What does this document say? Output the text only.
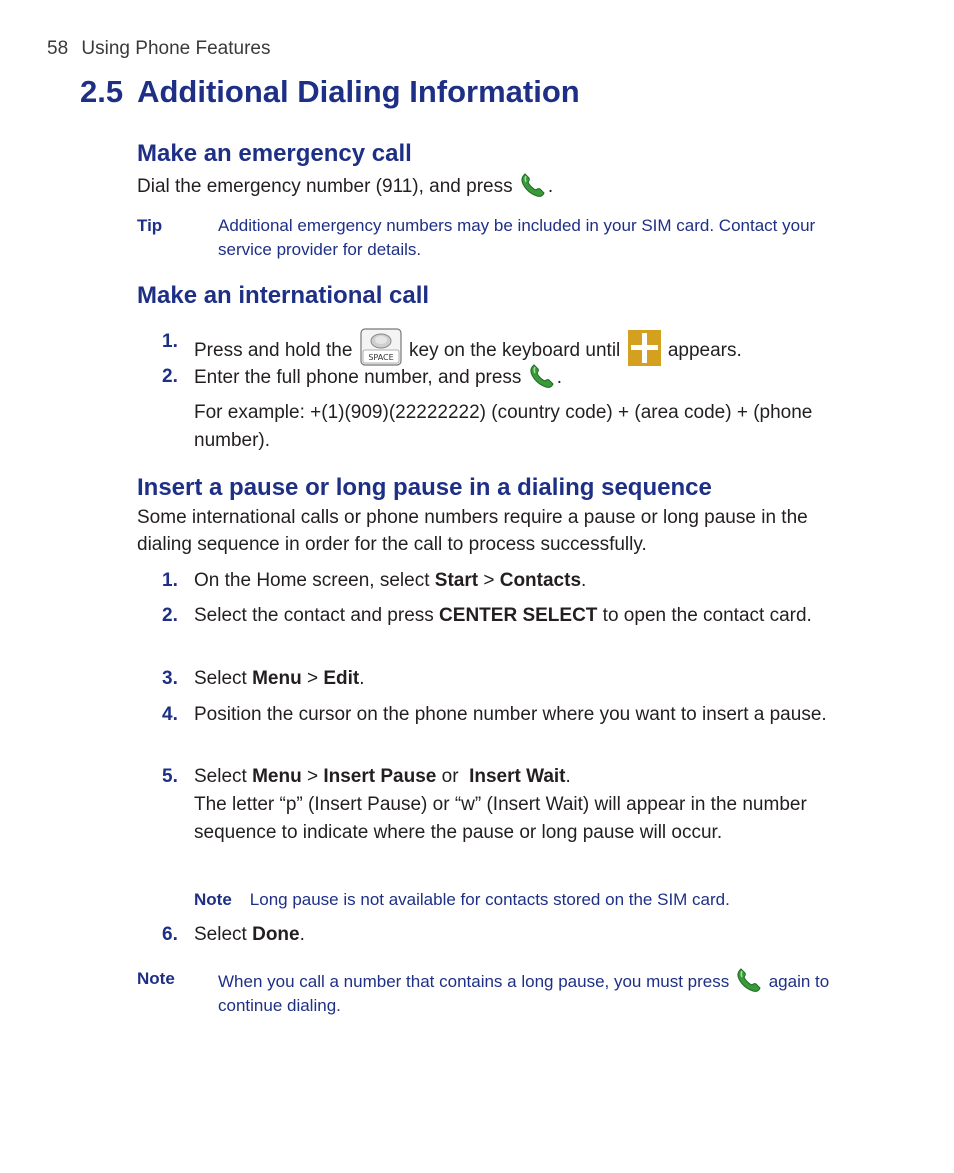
58 Using Phone Features
2.5 Additional Dialing Information
Make an emergency call

Dial the emergency number (911), and press .

Tip	Additional emergency numbers may be included in your SIM card. Contact your service provider for details.
Make an international call
1. Press and hold the SPACE key on the keyboard until	appears.
2. Enter the full phone number, and press .
For example: +(1)(909)(22222222) (country code) + (area code) + (phone number).
Insert a pause or long pause in a dialing sequence

Some international calls or phone numbers require a pause or long pause in the dialing sequence in order for the call to process successfully.

1. On the Home screen, select Start > Contacts.
2. Select the contact and press CENTER SELECT to open the contact card.
3. Select Menu > Edit.
4. Position the cursor on the phone number where you want to insert a pause.
5. Select Menu > Insert Pause or  Insert Wait.
The letter “p” (Insert Pause) or “w” (Insert Wait) will appear in the number sequence to indicate where the pause or long pause will occur.
Note Long pause is not available for contacts stored on the SIM card.
6. Select Done.
Note	When you call a number that contains a long pause, you must press again to continue dialing.
